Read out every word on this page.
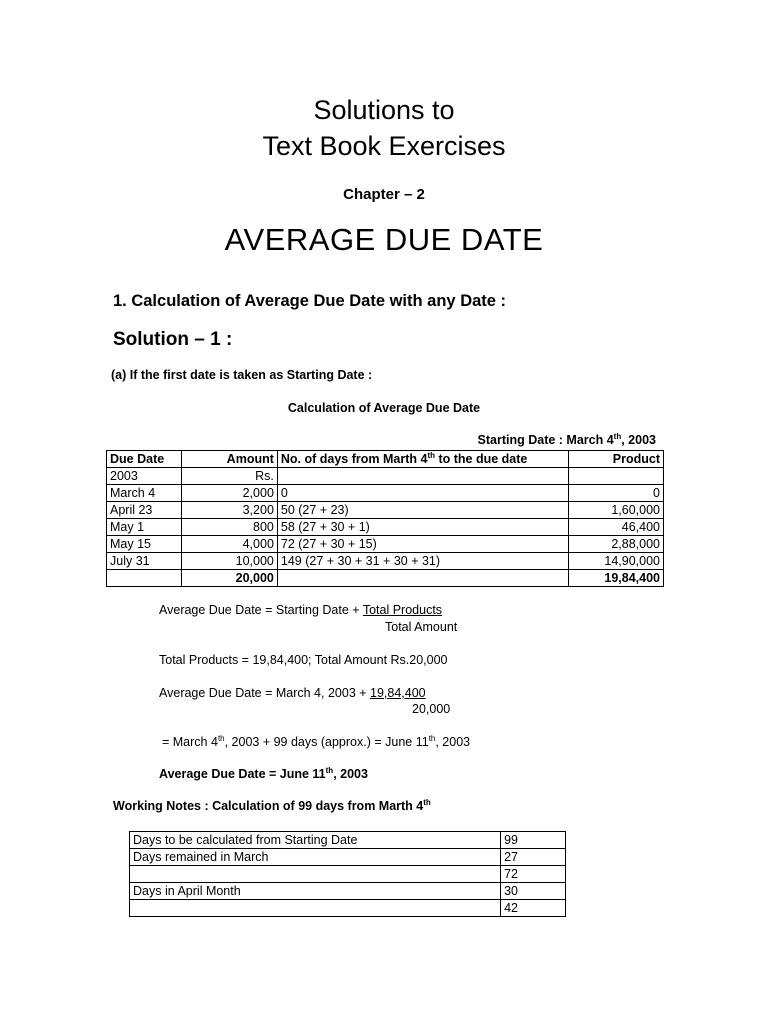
Solutions to
Text Book Exercises
Chapter – 2
AVERAGE DUE DATE
1. Calculation of Average Due Date with any Date :
Solution – 1 :
(a) If the first date is taken as Starting Date :
Calculation of Average Due Date
Starting Date : March 4th, 2003
Due Date	Amount	No. of days from Marth 4th to the due date	Product
2003	Rs.		
March 4	2,000	0	0
April 23	3,200	50 (27 + 23)	1,60,000
May 1	800	58 (27 + 30 + 1)	46,400
May 15	4,000	72 (27 + 30 + 15)	2,88,000
July 31	10,000	149 (27 + 30 + 31 + 30 + 31)	14,90,000
	20,000		19,84,400
Average Due Date = Starting Date + Total Products
Total Amount
Total Products = 19,84,400; Total Amount Rs.20,000
Average Due Date = March 4, 2003 + 19,84,400
20,000
= March 4th, 2003 + 99 days (approx.) = June 11th, 2003
Average Due Date = June 11th, 2003
Working Notes : Calculation of 99 days from Marth 4th
Days to be calculated from Starting Date	99
Days remained in March	27
	72
Days in April Month	30
	42
